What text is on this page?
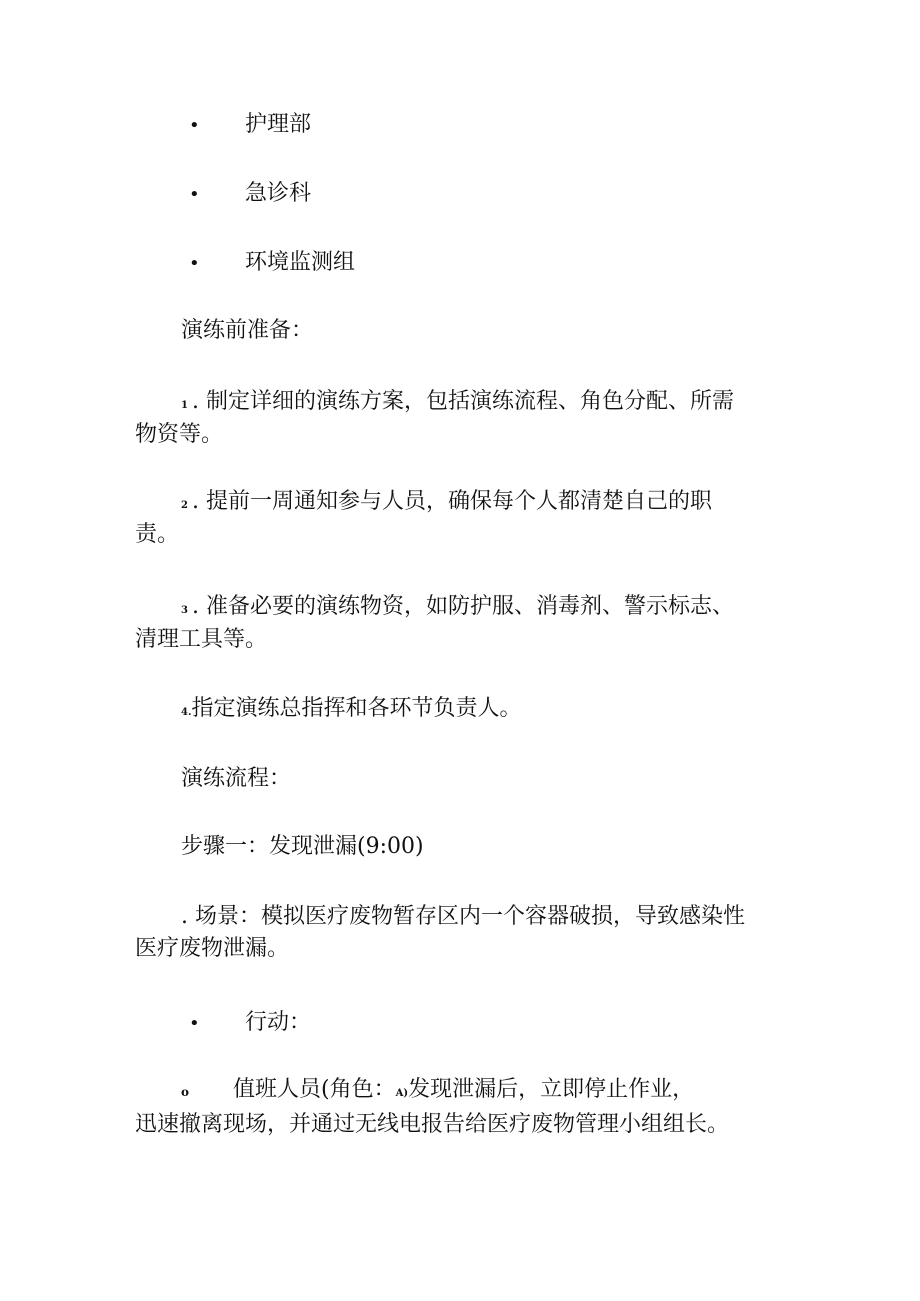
• 护理部
• 急诊科
• 环境监测组
演练前准备：
1 . 制定详细的演练方案，包括演练流程、角色分配、所需
物资等。
2 . 提前一周通知参与人员，确保每个人都清楚自己的职
责。
3 . 准备必要的演练物资，如防护服、消毒剂、警示标志、
清理工具等。
4.指定演练总指挥和各环节负责人。
演练流程：
步骤一：发现泄漏(9:00)
. 场景：模拟医疗废物暂存区内一个容器破损，导致感染性
医疗废物泄漏。
• 行动：
o 值班人员(角色：A)发现泄漏后，立即停止作业，
迅速撤离现场，并通过无线电报告给医疗废物管理小组组长。
